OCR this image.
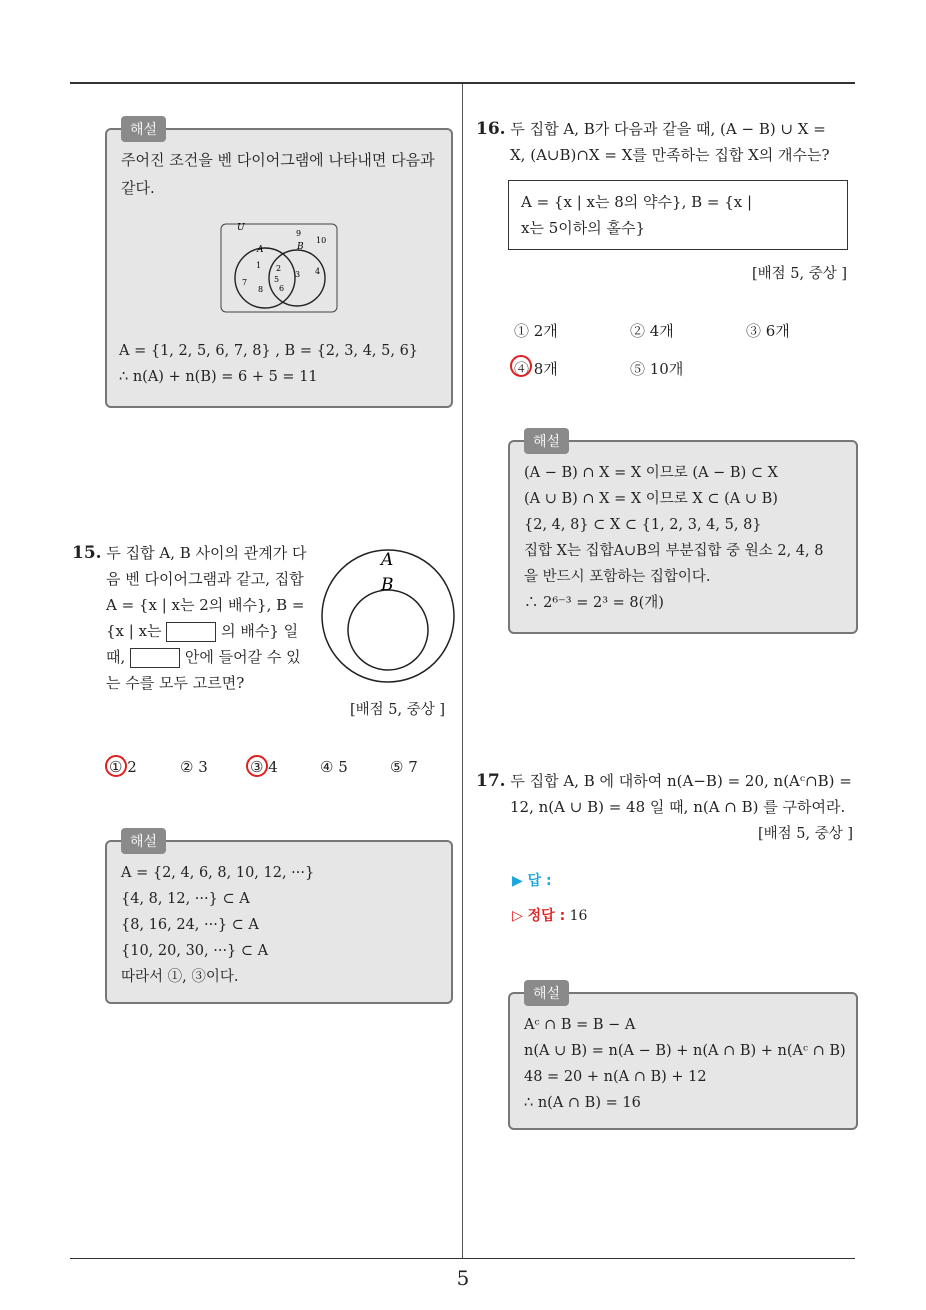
5
해설
주어진 조건을 벤 다이어그램에 나타내면 다음과
같다.
U
A	B
9
10
1 2
5
6
3 4
7
8
A = {1, 2, 5, 6, 7, 8} , B = {2, 3, 4, 5, 6}
∴ n(A) + n(B) = 6 + 5 = 11
15. 두 집합 A, B 사이의 관계가 다
음 벤 다이어그램과 같고, 집합
A = {x | x는 2의 배수}, B =
{x | x는	의 배수} 일
때,	안에 들어갈 수 있
는 수를 모두 고르면?
A
B
[배점 5, 중상 ]
① 2	② 3	③ 4	④ 5	⑤ 7
해설
A = {2, 4, 6, 8, 10, 12, ···}
{4, 8, 12, ···} ⊂ A
{8, 16, 24, ···} ⊂ A
{10, 20, 30, ···} ⊂ A
따라서 ①, ③이다.
16. 두 집합 A, B가 다음과 같을 때, (A − B) ∪ X =
X, (A∪B)∩X = X를 만족하는 집합 X의 개수는?
A = {x | x는 8의 약수}, B = {x |
x는 5이하의 홀수}
[배점 5, 중상 ]
① 2개	② 4개	③ 6개
④ 8개	⑤ 10개
해설
(A − B) ∩ X = X 이므로 (A − B) ⊂ X
(A ∪ B) ∩ X = X 이므로 X ⊂ (A ∪ B)
{2, 4, 8} ⊂ X ⊂ {1, 2, 3, 4, 5, 8}
집합 X는 집합A∪B의 부분집합 중 원소 2, 4, 8
을 반드시 포함하는 집합이다.
∴ 2⁶⁻³ = 2³ = 8(개)
17. 두 집합 A, B 에 대하여 n(A−B) = 20, n(Aᶜ∩B) =
12, n(A ∪ B) = 48 일 때, n(A ∩ B) 를 구하여라.
[배점 5, 중상 ]
▶ 답 :
▷ 정답 : 16
해설
Aᶜ ∩ B = B − A
n(A ∪ B) = n(A − B) + n(A ∩ B) + n(Aᶜ ∩ B)
48 = 20 + n(A ∩ B) + 12
∴ n(A ∩ B) = 16
